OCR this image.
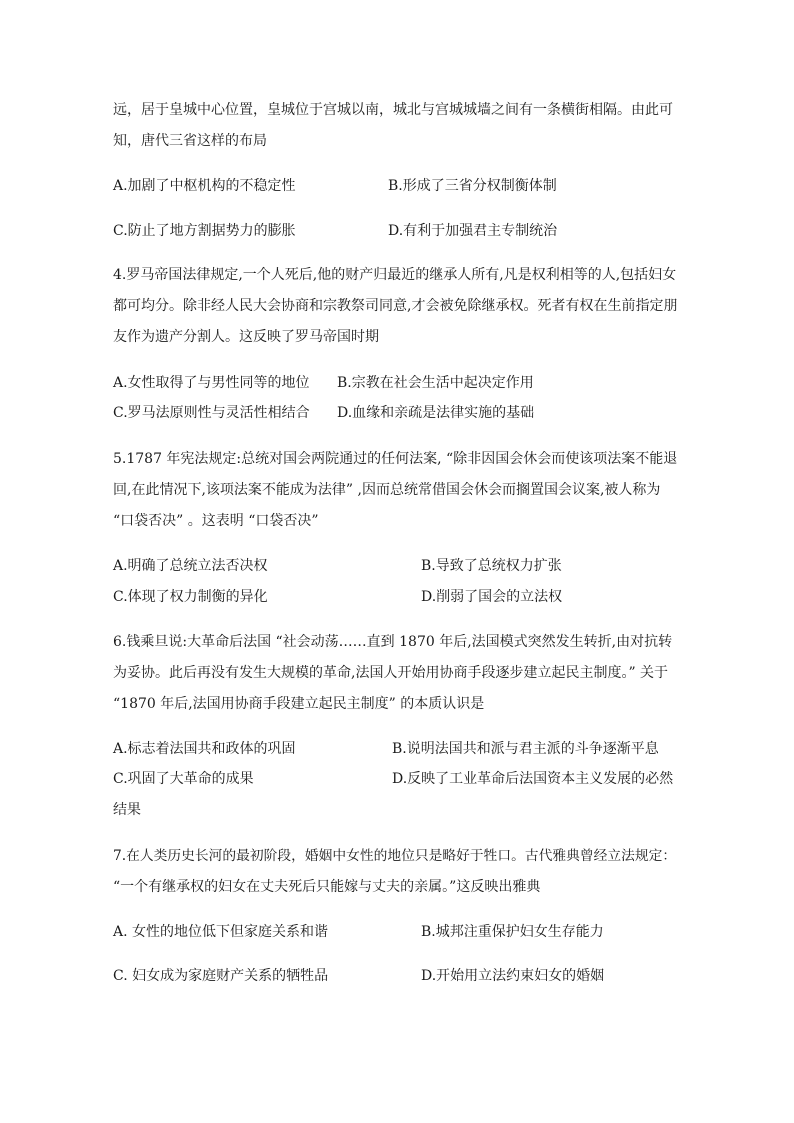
远，居于皇城中心位置，皇城位于宫城以南，城北与宫城城墙之间有一条横街相隔。由此可
知，唐代三省这样的布局
A.加剧了中枢机构的不稳定性	B.形成了三省分权制衡体制
C.防止了地方割据势力的膨胀	D.有利于加强君主专制统治
4.罗马帝国法律规定,一个人死后,他的财产归最近的继承人所有,凡是权利相等的人,包括妇女
都可均分。除非经人民大会协商和宗教祭司同意,才会被免除继承权。死者有权在生前指定朋
友作为遗产分割人。这反映了罗马帝国时期
A.女性取得了与男性同等的地位 B.宗教在社会生活中起决定作用
C.罗马法原则性与灵活性相结合 D.血缘和亲疏是法律实施的基础
5.1787 年宪法规定:总统对国会两院通过的任何法案, “除非因国会休会而使该项法案不能退
回,在此情况下,该项法案不能成为法律” ,因而总统常借国会休会而搁置国会议案,被人称为
“口袋否决” 。这表明 “口袋否决”
A.明确了总统立法否决权	B.导致了总统权力扩张
C.体现了权力制衡的异化	D.削弱了国会的立法权
6.钱乘旦说:大革命后法国 “社会动荡……直到 1870 年后,法国模式突然发生转折,由对抗转
为妥协。此后再没有发生大规模的革命,法国人开始用协商手段逐步建立起民主制度。” 关于
“1870 年后,法国用协商手段建立起民主制度” 的本质认识是
A.标志着法国共和政体的巩固	B.说明法国共和派与君主派的斗争逐渐平息
C.巩固了大革命的成果	D.反映了工业革命后法国资本主义发展的必然
结果
7.在人类历史长河的最初阶段，婚姻中女性的地位只是略好于牲口。古代雅典曾经立法规定：
“一个有继承权的妇女在丈夫死后只能嫁与丈夫的亲属。”这反映出雅典
A. 女性的地位低下但家庭关系和谐	B.城邦注重保护妇女生存能力
C. 妇女成为家庭财产关系的牺牲品	D.开始用立法约束妇女的婚姻
